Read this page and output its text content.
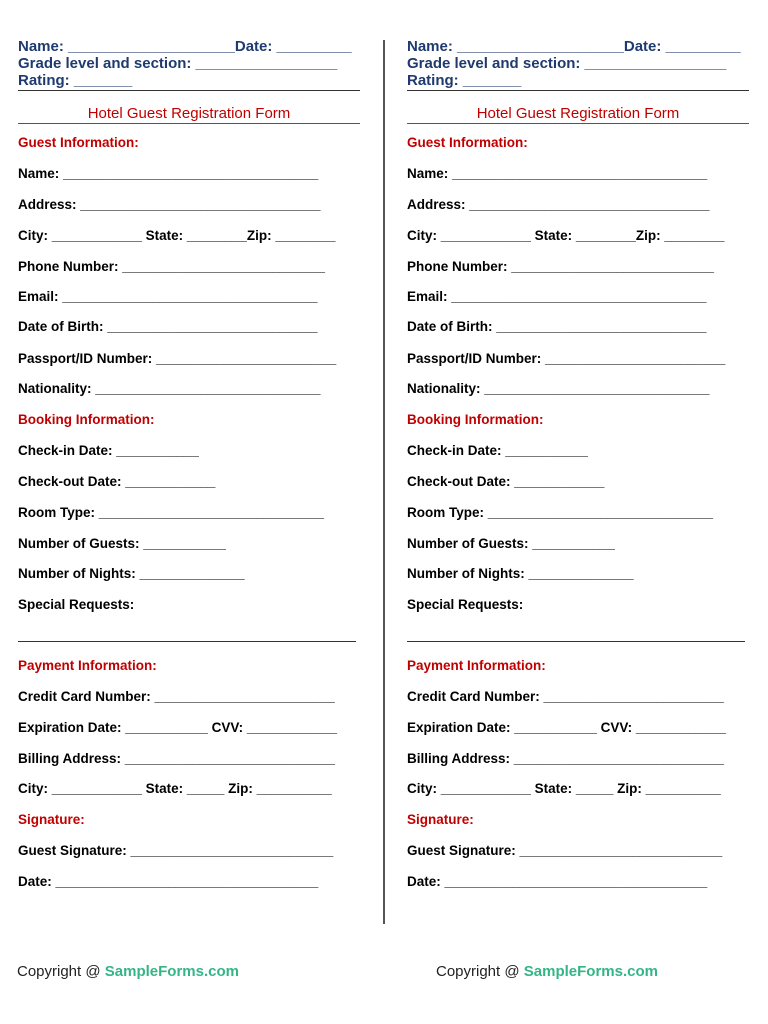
Name: ____________________Date: _________
Grade level and section: _________________
Rating: _______
Hotel Guest Registration Form
Guest Information:
Name: __________________________________
Address: ________________________________
City: ____________ State: ________Zip: ________
Phone Number: ___________________________
Email: __________________________________
Date of Birth: ____________________________
Passport/ID Number: ________________________
Nationality: ______________________________
Booking Information:
Check-in Date: ___________
Check-out Date: ____________
Room Type: ______________________________
Number of Guests: ___________
Number of Nights: ______________
Special Requests:
Payment Information:
Credit Card Number: ________________________
Expiration Date: ___________ CVV: ____________
Billing Address: ____________________________
City: ____________ State: _____ Zip: __________
Signature:
Guest Signature: ___________________________
Date: ___________________________________
Name: ____________________Date: _________
Grade level and section: _________________
Rating: _______
Hotel Guest Registration Form
Guest Information:
Name: __________________________________
Address: ________________________________
City: ____________ State: ________Zip: ________
Phone Number: ___________________________
Email: __________________________________
Date of Birth: ____________________________
Passport/ID Number: ________________________
Nationality: ______________________________
Booking Information:
Check-in Date: ___________
Check-out Date: ____________
Room Type: ______________________________
Number of Guests: ___________
Number of Nights: ______________
Special Requests:
Payment Information:
Credit Card Number: ________________________
Expiration Date: ___________ CVV: ____________
Billing Address: ____________________________
City: ____________ State: _____ Zip: __________
Signature:
Guest Signature: ___________________________
Date: ___________________________________
Copyright @ SampleForms.com	Copyright @ SampleForms.com
